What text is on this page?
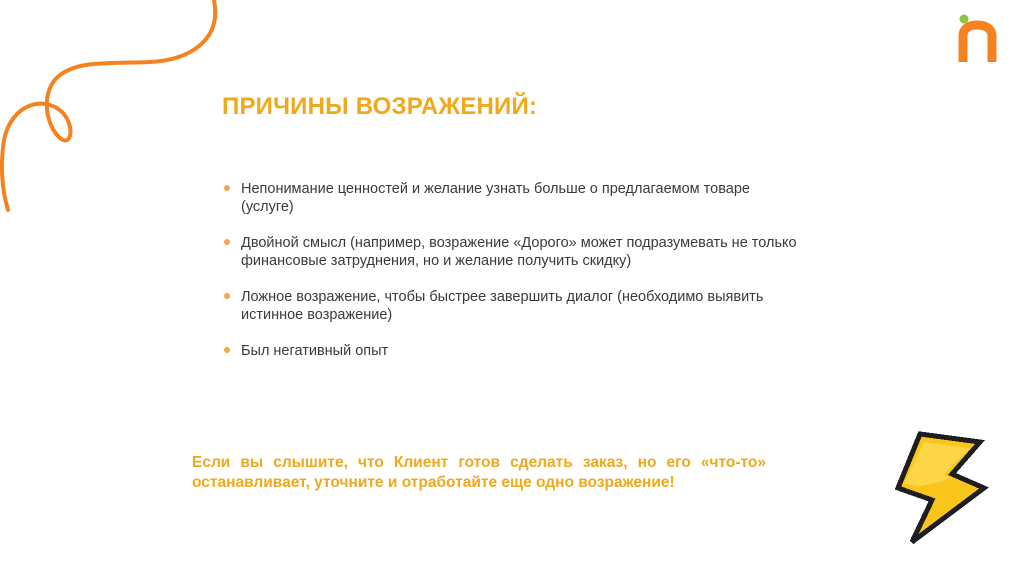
ПРИЧИНЫ ВОЗРАЖЕНИЙ:
Непонимание ценностей и желание узнать больше о предлагаемом товаре (услуге)
Двойной смысл (например, возражение «Дорого» может подразумевать не только финансовые затруднения, но и желание получить скидку)
Ложное возражение, чтобы быстрее завершить диалог (необходимо выявить истинное возражение)
Был негативный опыт

Если вы слышите, что Клиент готов сделать заказ, но его «что-то» останавливает, уточните и отработайте еще одно возражение!
